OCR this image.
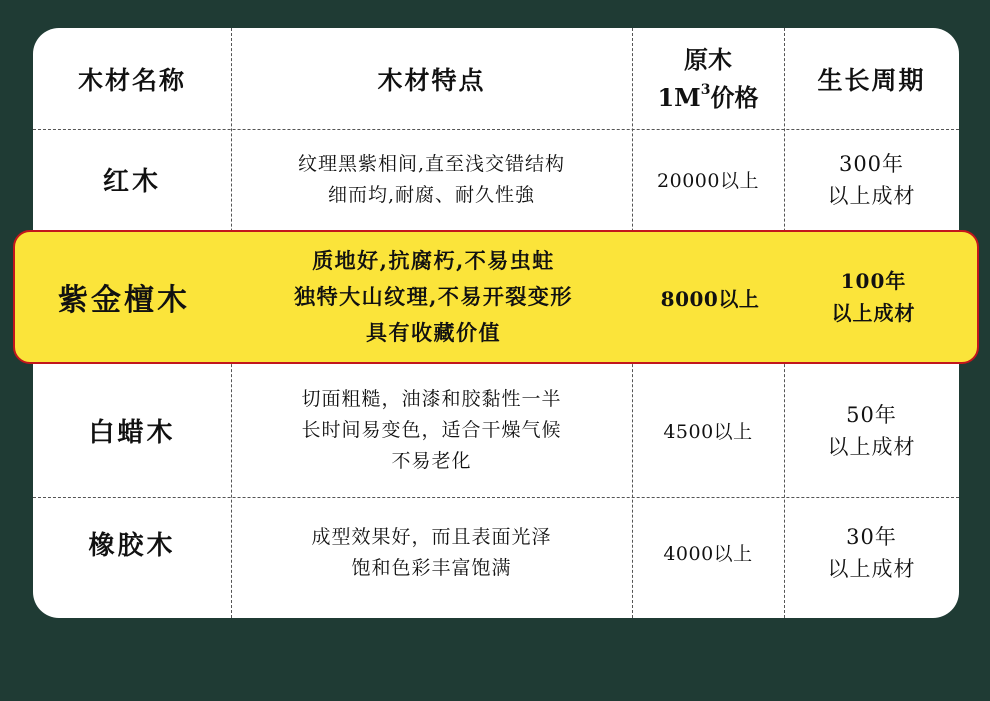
木材名称	木材特点
原木
$1M^3$价格
生长周期
红木
纹理黑紫相间,直至浅交错结构
细而均,耐腐、耐久性強
20000以上
300年
以上成材
白蜡木
切面粗糙，油漆和胶黏性一半
长时间易变色，适合干燥气候
不易老化
4500以上
50年
以上成材
橡胶木	成型效果好，而且表面光泽
饱和色彩丰富饱满
4000以上
30年
以上成材
紫金檀木
质地好,抗腐朽,不易虫蛀
独特大山纹理,不易开裂变形
具有收藏价值
8000以上
100年
以上成材
